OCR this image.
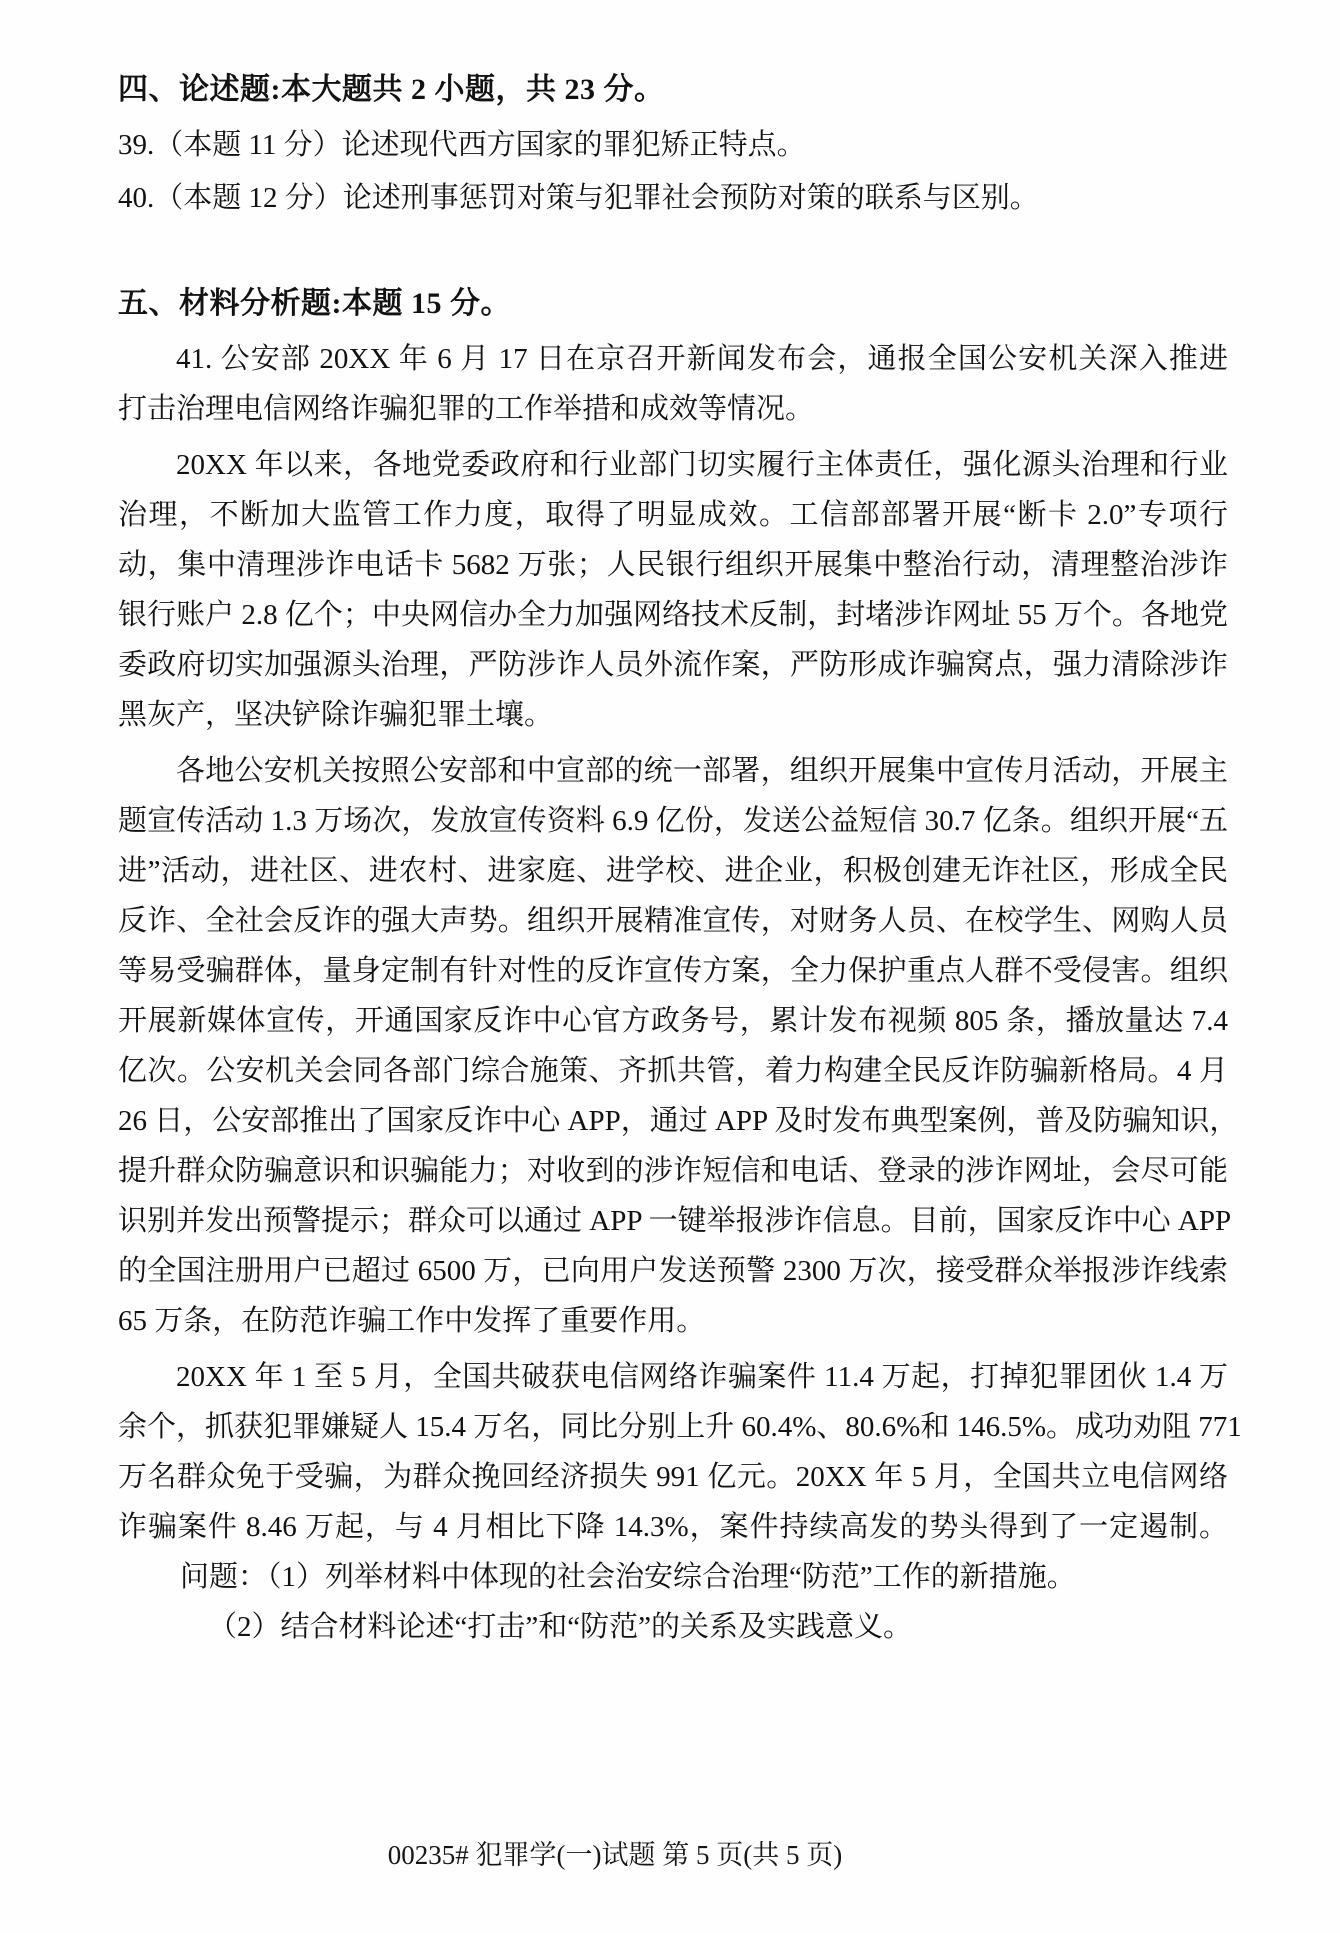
四、论述题:本大题共 2 小题，共 23 分。
39.（本题 11 分）论述现代西方国家的罪犯矫正特点。
40.（本题 12 分）论述刑事惩罚对策与犯罪社会预防对策的联系与区别。
五、材料分析题:本题 15 分。
41. 公安部 20XX 年 6 月 17 日在京召开新闻发布会，通报全国公安机关深入推进
打击治理电信网络诈骗犯罪的工作举措和成效等情况。
20XX 年以来，各地党委政府和行业部门切实履行主体责任，强化源头治理和行业
治理，不断加大监管工作力度，取得了明显成效。工信部部署开展“断卡 2.0”专项行
动，集中清理涉诈电话卡 5682 万张；人民银行组织开展集中整治行动，清理整治涉诈
银行账户 2.8 亿个；中央网信办全力加强网络技术反制，封堵涉诈网址 55 万个。各地党
委政府切实加强源头治理，严防涉诈人员外流作案，严防形成诈骗窝点，强力清除涉诈
黑灰产，坚决铲除诈骗犯罪土壤。
各地公安机关按照公安部和中宣部的统一部署，组织开展集中宣传月活动，开展主
题宣传活动 1.3 万场次，发放宣传资料 6.9 亿份，发送公益短信 30.7 亿条。组织开展“五
进”活动，进社区、进农村、进家庭、进学校、进企业，积极创建无诈社区，形成全民
反诈、全社会反诈的强大声势。组织开展精准宣传，对财务人员、在校学生、网购人员
等易受骗群体，量身定制有针对性的反诈宣传方案，全力保护重点人群不受侵害。组织
开展新媒体宣传，开通国家反诈中心官方政务号，累计发布视频 805 条，播放量达 7.4
亿次。公安机关会同各部门综合施策、齐抓共管，着力构建全民反诈防骗新格局。4 月
26 日，公安部推出了国家反诈中心 APP，通过 APP 及时发布典型案例，普及防骗知识，
提升群众防骗意识和识骗能力；对收到的涉诈短信和电话、登录的涉诈网址，会尽可能
识别并发出预警提示；群众可以通过 APP 一键举报涉诈信息。目前，国家反诈中心 APP
的全国注册用户已超过 6500 万，已向用户发送预警 2300 万次，接受群众举报涉诈线索
65 万条，在防范诈骗工作中发挥了重要作用。
20XX 年 1 至 5 月，全国共破获电信网络诈骗案件 11.4 万起，打掉犯罪团伙 1.4 万
余个，抓获犯罪嫌疑人 15.4 万名，同比分别上升 60.4%、80.6%和 146.5%。成功劝阻 771
万名群众免于受骗，为群众挽回经济损失 991 亿元。20XX 年 5 月，全国共立电信网络
诈骗案件 8.46 万起，与 4 月相比下降 14.3%，案件持续高发的势头得到了一定遏制。
问题：（1）列举材料中体现的社会治安综合治理“防范”工作的新措施。
（2）结合材料论述“打击”和“防范”的关系及实践意义。
00235# 犯罪学(一)试题 第 5 页(共 5 页)
